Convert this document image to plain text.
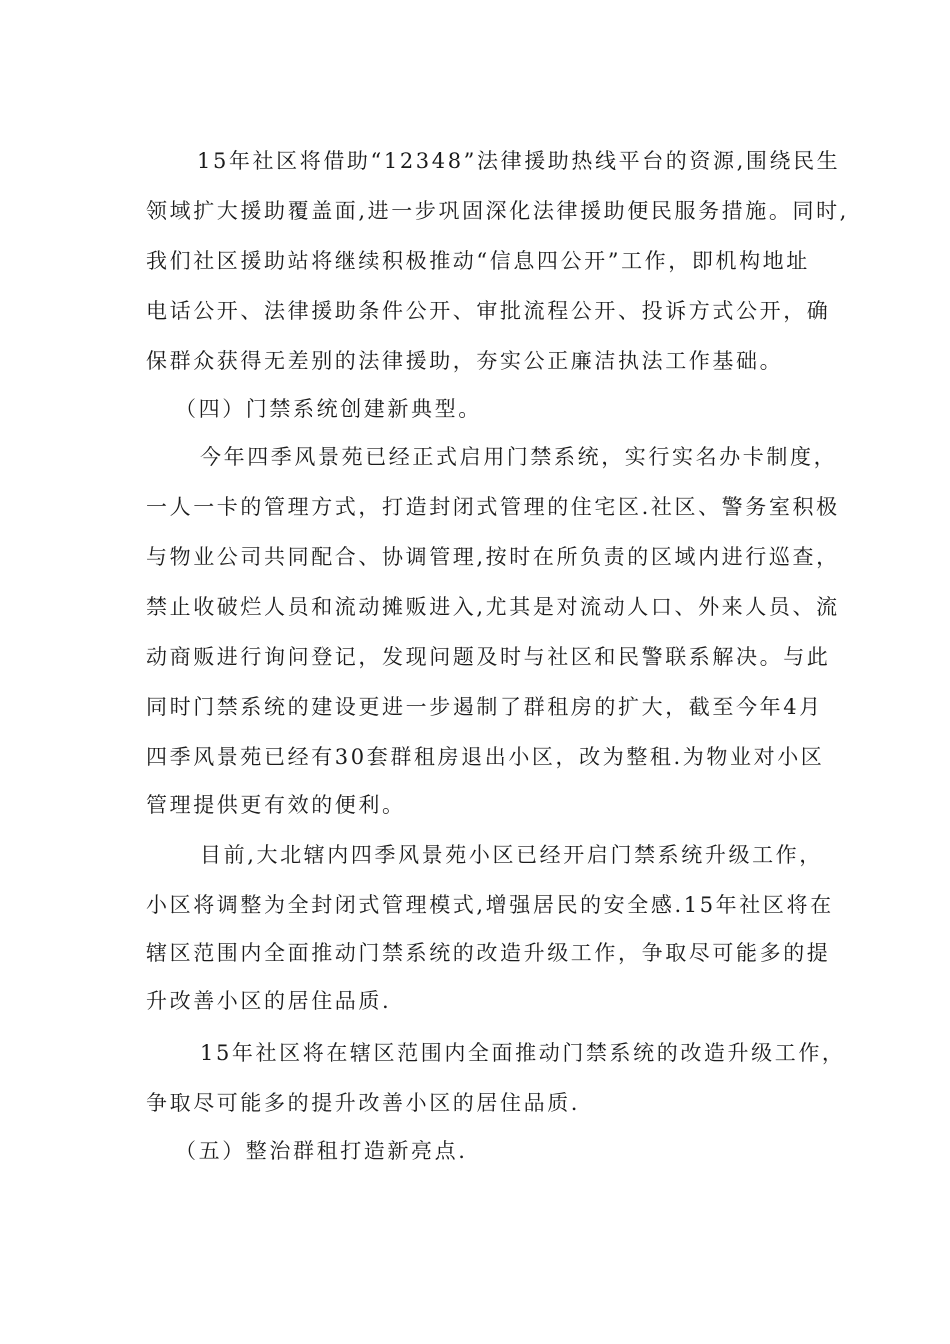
15年社区将借助“12348”法律援助热线平台的资源,围绕民生
领域扩大援助覆盖面,进一步巩固深化法律援助便民服务措施。同时,
我们社区援助站将继续积极推动“信息四公开”工作，即机构地址
电话公开、法律援助条件公开、审批流程公开、投诉方式公开，确
保群众获得无差别的法律援助，夯实公正廉洁执法工作基础。
（四）门禁系统创建新典型。
今年四季风景苑已经正式启用门禁系统，实行实名办卡制度，
一人一卡的管理方式，打造封闭式管理的住宅区.社区、警务室积极
与物业公司共同配合、协调管理,按时在所负责的区域内进行巡查，
禁止收破烂人员和流动摊贩进入,尤其是对流动人口、外来人员、流
动商贩进行询问登记，发现问题及时与社区和民警联系解决。与此
同时门禁系统的建设更进一步遏制了群租房的扩大，截至今年4月
四季风景苑已经有30套群租房退出小区，改为整租.为物业对小区
管理提供更有效的便利。
目前,大北辖内四季风景苑小区已经开启门禁系统升级工作，
小区将调整为全封闭式管理模式,增强居民的安全感.15年社区将在
辖区范围内全面推动门禁系统的改造升级工作，争取尽可能多的提
升改善小区的居住品质.
15年社区将在辖区范围内全面推动门禁系统的改造升级工作，
争取尽可能多的提升改善小区的居住品质.
（五）整治群租打造新亮点.
